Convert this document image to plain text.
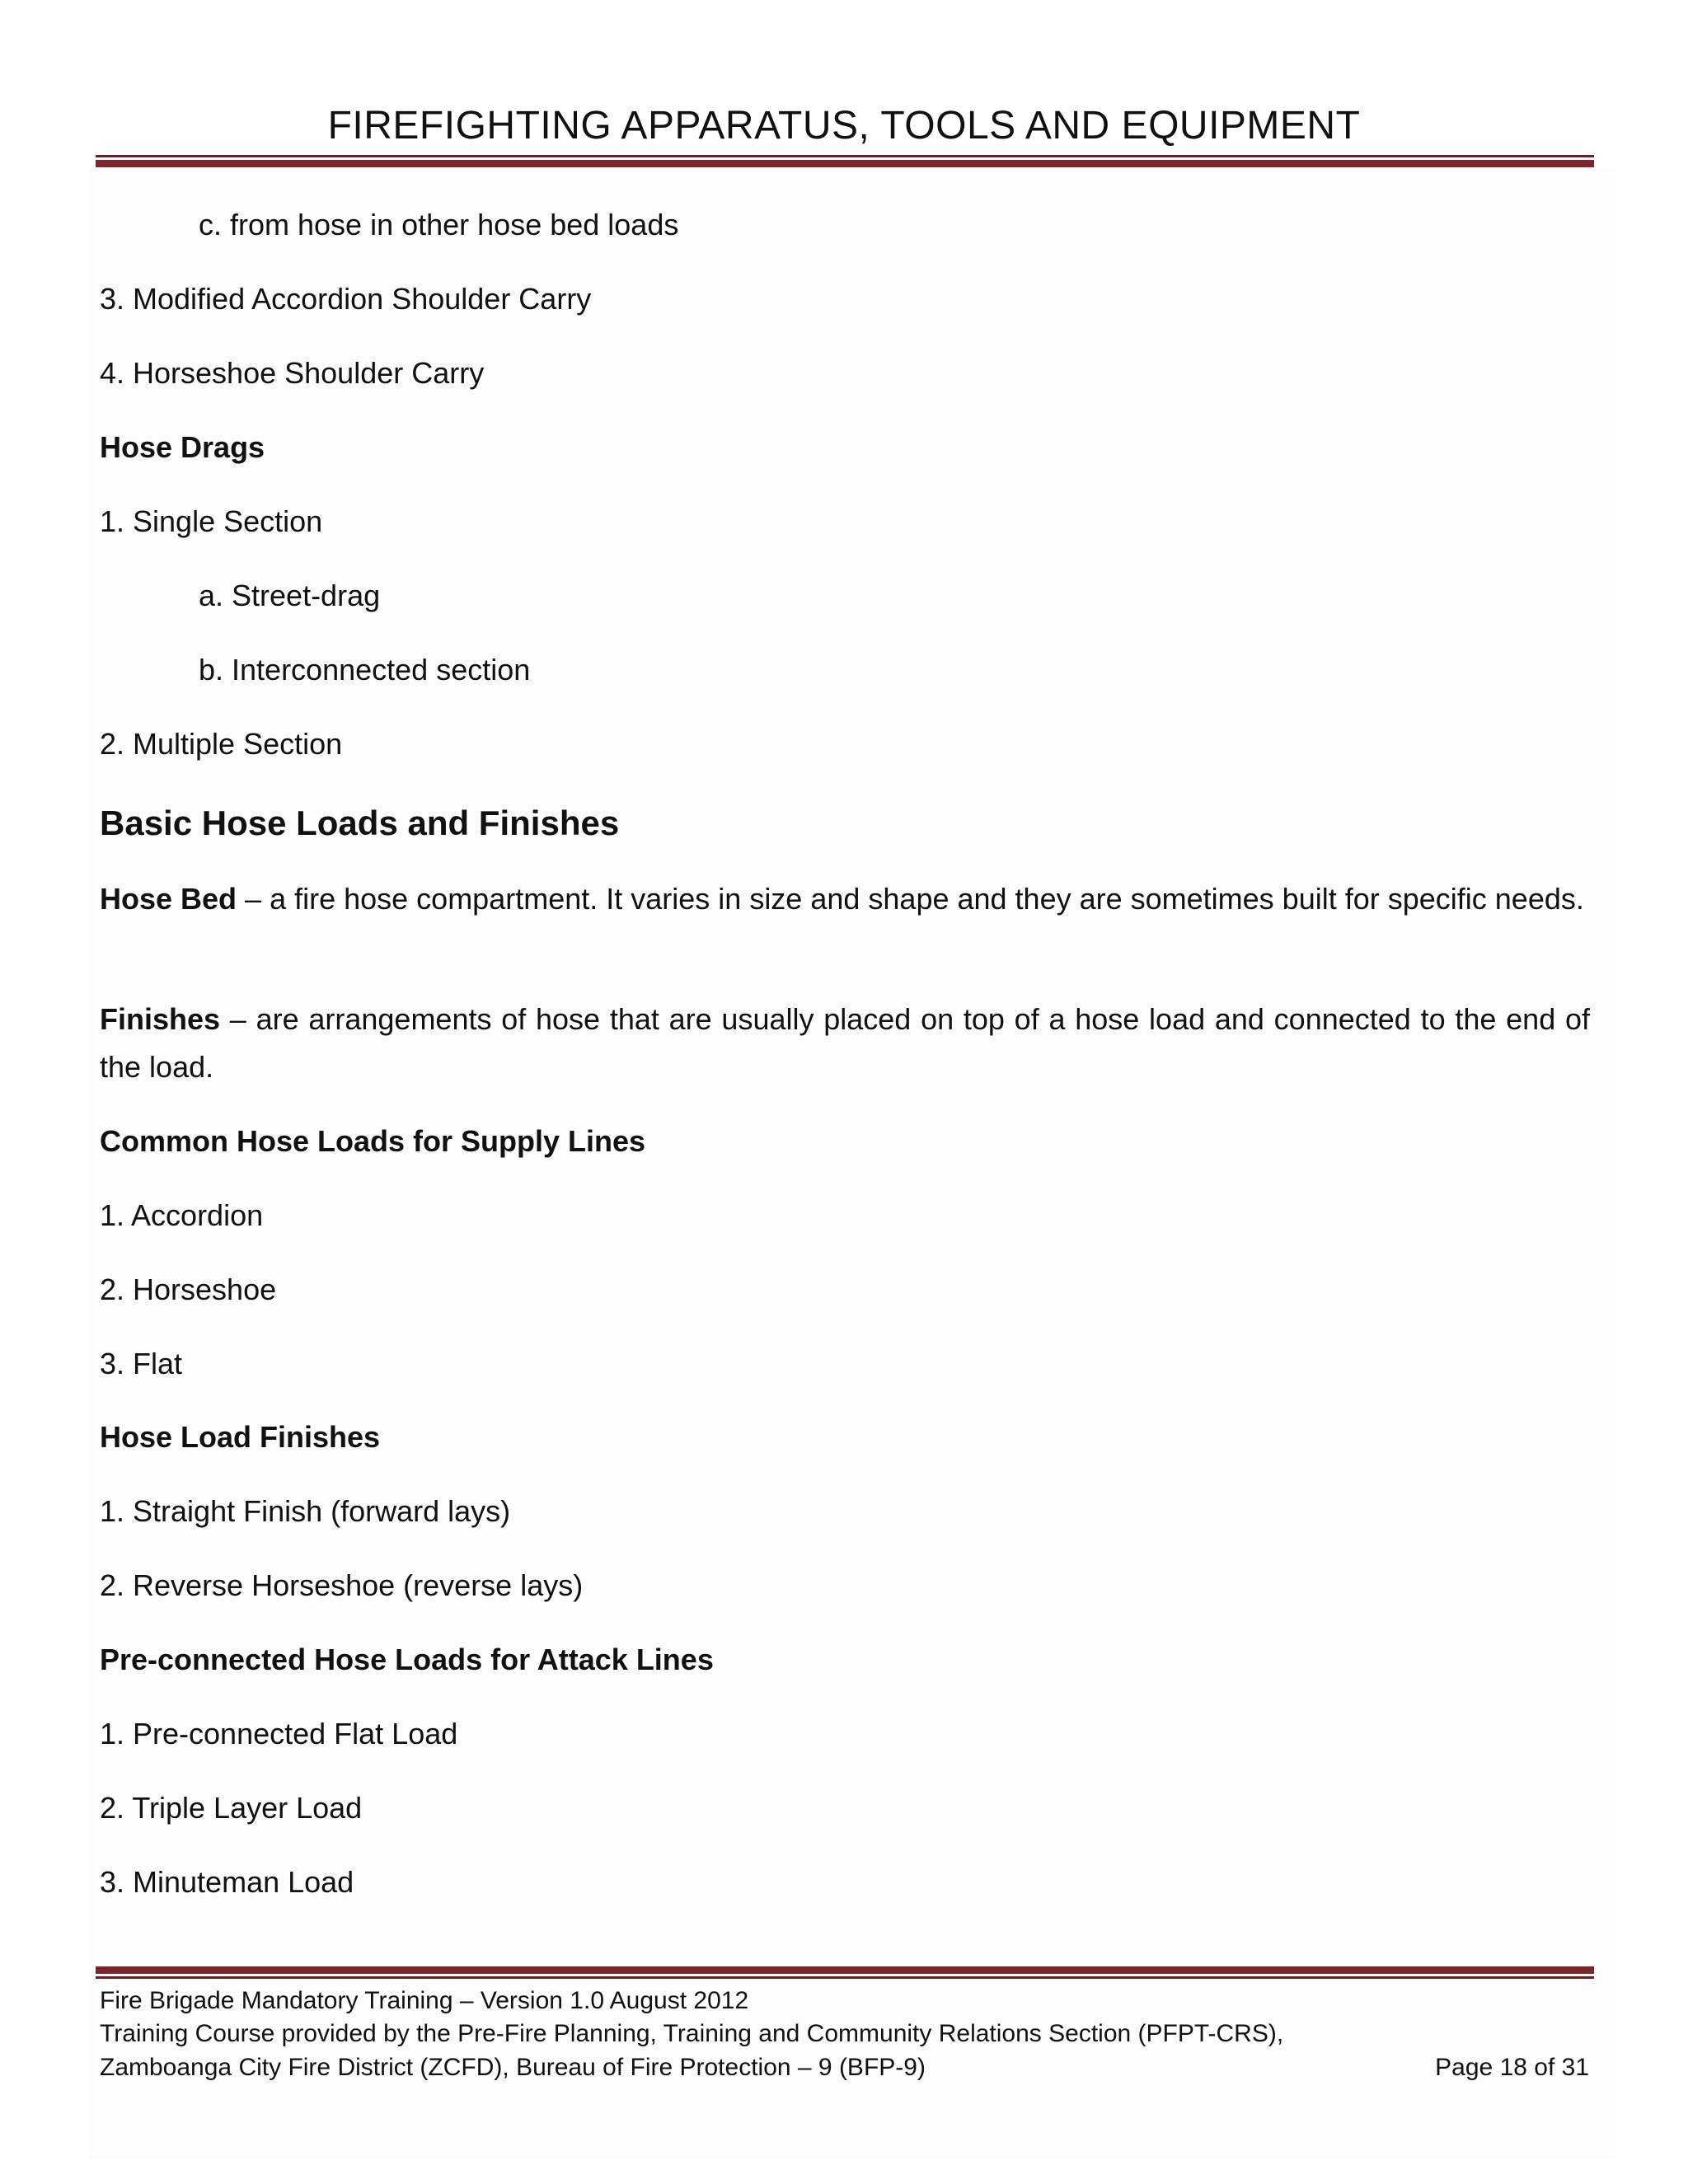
FIREFIGHTING APPARATUS, TOOLS AND EQUIPMENT
c. from hose in other hose bed loads
3. Modified Accordion Shoulder Carry
4. Horseshoe Shoulder Carry
Hose Drags
1. Single Section
a. Street-drag
b. Interconnected section
2. Multiple Section
Basic Hose Loads and Finishes
Hose Bed – a fire hose compartment. It varies in size and shape and they are sometimes built for specific needs.
Finishes – are arrangements of hose that are usually placed on top of a hose load and connected to the end of the load.
Common Hose Loads for Supply Lines
1. Accordion
2. Horseshoe
3. Flat
Hose Load Finishes
1. Straight Finish (forward lays)
2. Reverse Horseshoe (reverse lays)
Pre-connected Hose Loads for Attack Lines
1. Pre-connected Flat Load
2. Triple Layer Load
3. Minuteman Load
Fire Brigade Mandatory Training – Version 1.0 August 2012
Training Course provided by the Pre-Fire Planning, Training and Community Relations Section (PFPT-CRS),
Zamboanga City Fire District (ZCFD), Bureau of Fire Protection – 9 (BFP-9)	Page 18 of 31
